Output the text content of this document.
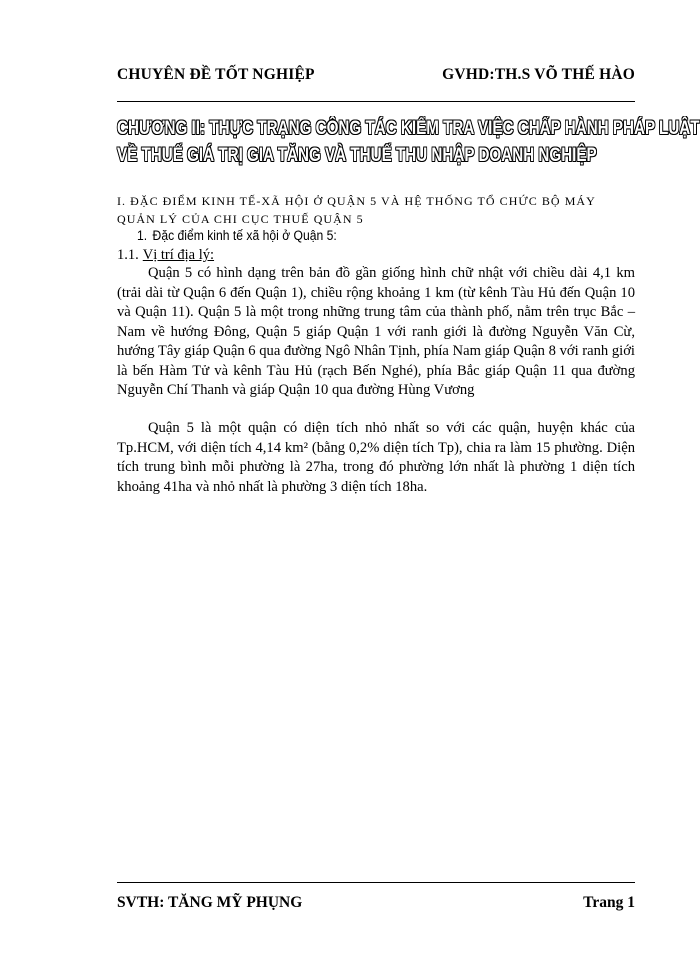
CHUYÊN ĐỀ TỐT NGHIỆP	GVHD:TH.S VÕ THẾ HÀO
CHƯƠNG II: THỰC TRẠNG CÔNG TÁC KIỂM TRA VIỆC CHẤP HÀNH PHÁP LUẬT
VỀ THUẾ GIÁ TRỊ GIA TĂNG VÀ THUẾ THU NHẬP DOANH NGHIỆP
I. ĐẶC ĐIỂM KINH TẾ-XÃ HỘI Ở QUẬN 5 VÀ HỆ THỐNG TỔ CHỨC BỘ MÁY QUẢN LÝ CỦA CHI CỤC THUẾ QUẬN 5
1. Đặc điểm kinh tế xã hội ở Quận 5:
1.1. Vị trí địa lý:

Quận 5 có hình dạng trên bản đồ gần giống hình chữ nhật với chiều dài 4,1 km (trải dài từ Quận 6 đến Quận 1), chiều rộng khoảng 1 km (từ kênh Tàu Hủ đến Quận 10 và Quận 11). Quận 5 là một trong những trung tâm của thành phố, nằm trên trục Bắc – Nam về hướng Đông, Quận 5 giáp Quận 1 với ranh giới là đường Nguyễn Văn Cừ, hướng Tây giáp Quận 6 qua đường Ngô Nhân Tịnh, phía Nam giáp Quận 8 với ranh giới là bến Hàm Tử và kênh Tàu Hủ (rạch Bến Nghé), phía Bắc giáp Quận 11 qua đường Nguyễn Chí Thanh và giáp Quận 10 qua đường Hùng Vương

Quận 5 là một quận có diện tích nhỏ nhất so với các quận, huyện khác của Tp.HCM, với diện tích 4,14 km² (bằng 0,2% diện tích Tp), chia ra làm 15 phường. Diện tích trung bình mỗi phường là 27ha, trong đó phường lớn nhất là phường 1 diện tích khoảng 41ha và nhỏ nhất là phường 3 diện tích 18ha.

SVTH: TĂNG MỸ PHỤNG	Trang 1
